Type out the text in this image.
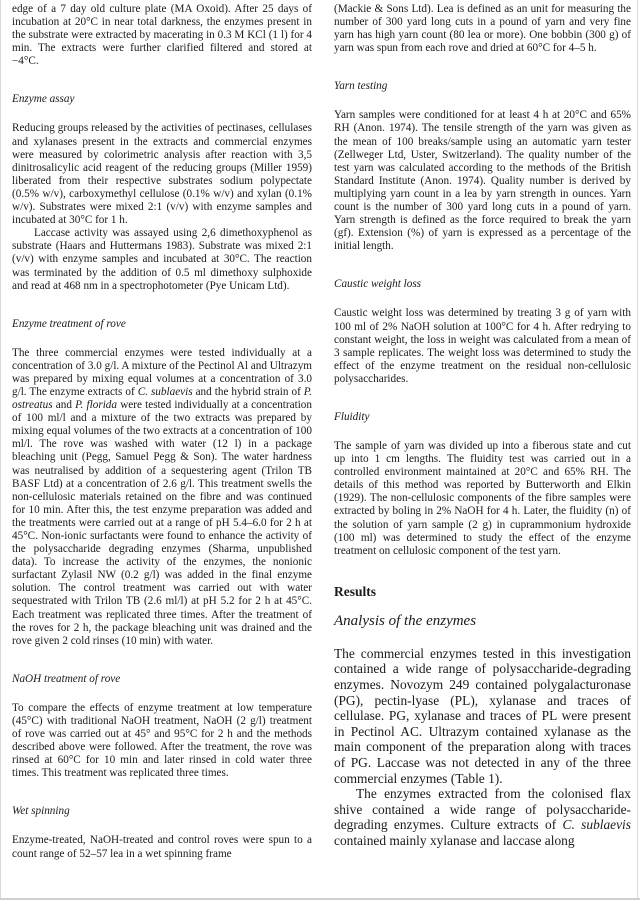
edge of a 7 day old culture plate (MA Oxoid). After 25 days of incubation at 20°C in near total darkness, the enzymes present in the substrate were extracted by macerating in 0.3 M KCl (1 l) for 4 min. The extracts were further clarified filtered and stored at −4°C.

Enzyme assay

Reducing groups released by the activities of pectinases, cellulases and xylanases present in the extracts and commercial enzymes were measured by colorimetric analysis after reaction with 3,5 dinitrosalicylic acid reagent of the reducing groups (Miller 1959) liberated from their respective substrates sodium polypectate (0.5% w/v), carboxymethyl cellulose (0.1% w/v) and xylan (0.1% w/v). Substrates were mixed 2:1 (v/v) with enzyme samples and incubated at 30°C for 1 h.

Laccase activity was assayed using 2,6 dimethoxyphenol as substrate (Haars and Huttermans 1983). Substrate was mixed 2:1 (v/v) with enzyme samples and incubated at 30°C. The reaction was terminated by the addition of 0.5 ml dimethoxy sulphoxide and read at 468 nm in a spectrophotometer (Pye Unicam Ltd).

Enzyme treatment of rove

The three commercial enzymes were tested individually at a concentration of 3.0 g/l. A mixture of the Pectinol Al and Ultrazym was prepared by mixing equal volumes at a concentration of 3.0 g/l. The enzyme extracts of C. sublaevis and the hybrid strain of P. ostreatus and P. florida were tested individually at a concentration of 100 ml/l and a mixture of the two extracts was prepared by mixing equal volumes of the two extracts at a concentration of 100 ml/l. The rove was washed with water (12 l) in a package bleaching unit (Pegg, Samuel Pegg & Son). The water hardness was neutralised by addition of a sequestering agent (Trilon TB BASF Ltd) at a concentration of 2.6 g/l. This treatment swells the non-cellulosic materials retained on the fibre and was continued for 10 min. After this, the test enzyme preparation was added and the treatments were carried out at a range of pH 5.4–6.0 for 2 h at 45°C. Non-ionic surfactants were found to enhance the activity of the polysaccharide degrading enzymes (Sharma, unpublished data). To increase the activity of the enzymes, the nonionic surfactant Zylasil NW (0.2 g/l) was added in the final enzyme solution. The control treatment was carried out with water sequestrated with Trilon TB (2.6 ml/l) at pH 5.2 for 2 h at 45°C. Each treatment was replicated three times. After the treatment of the roves for 2 h, the package bleaching unit was drained and the rove given 2 cold rinses (10 min) with water.

NaOH treatment of rove

To compare the effects of enzyme treatment at low temperature (45°C) with traditional NaOH treatment, NaOH (2 g/l) treatment of rove was carried out at 45° and 95°C for 2 h and the methods described above were followed. After the treatment, the rove was rinsed at 60°C for 10 min and later rinsed in cold water three times. This treatment was replicated three times.

Wet spinning

Enzyme-treated, NaOH-treated and control roves were spun to a count range of 52–57 lea in a wet spinning frame

(Mackie & Sons Ltd). Lea is defined as an unit for measuring the number of 300 yard long cuts in a pound of yarn and very fine yarn has high yarn count (80 lea or more). One bobbin (300 g) of yarn was spun from each rove and dried at 60°C for 4–5 h.

Yarn testing

Yarn samples were conditioned for at least 4 h at 20°C and 65% RH (Anon. 1974). The tensile strength of the yarn was given as the mean of 100 breaks/sample using an automatic yarn tester (Zellweger Ltd, Uster, Switzerland). The quality number of the test yarn was calculated according to the methods of the British Standard Institute (Anon. 1974). Quality number is derived by multiplying yarn count in a lea by yarn strength in ounces. Yarn count is the number of 300 yard long cuts in a pound of yarn. Yarn strength is defined as the force required to break the yarn (gf). Extension (%) of yarn is expressed as a percentage of the initial length.

Caustic weight loss

Caustic weight loss was determined by treating 3 g of yarn with 100 ml of 2% NaOH solution at 100°C for 4 h. After redrying to constant weight, the loss in weight was calculated from a mean of 3 sample replicates. The weight loss was determined to study the effect of the enzyme treatment on the residual non-cellulosic polysaccharides.

Fluidity

The sample of yarn was divided up into a fiberous state and cut up into 1 cm lengths. The fluidity test was carried out in a controlled environment maintained at 20°C and 65% RH. The details of this method was reported by Butterworth and Elkin (1929). The non-cellulosic components of the fibre samples were extracted by boling in 2% NaOH for 4 h. Later, the fluidity (n) of the solution of yarn sample (2 g) in cuprammonium hydroxide (100 ml) was determined to study the effect of the enzyme treatment on cellulosic component of the test yarn.

Results
Analysis of the enzymes

The commercial enzymes tested in this investigation contained a wide range of polysaccharide-degrading enzymes. Novozym 249 contained polygalacturonase (PG), pectin-lyase (PL), xylanase and traces of cellulase. PG, xylanase and traces of PL were present in Pectinol AC. Ultrazym contained xylanase as the main component of the preparation along with traces of PG. Laccase was not detected in any of the three commercial enzymes (Table 1).

The enzymes extracted from the colonised flax shive contained a wide range of polysaccharide-degrading enzymes. Culture extracts of C. sublaevis contained mainly xylanase and laccase along
